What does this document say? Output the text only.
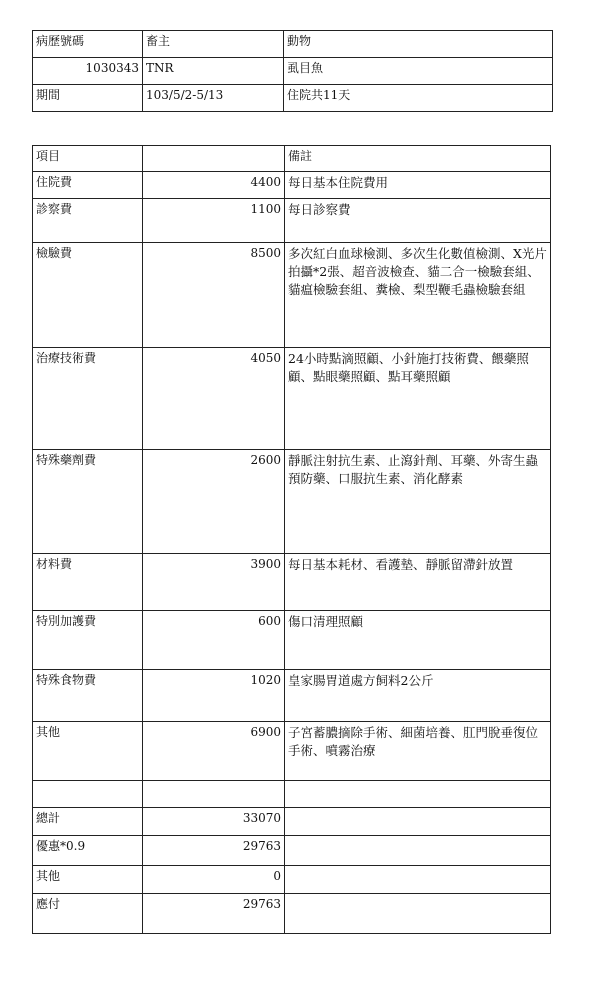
病歷號碼	畜主	動物
1030343	TNR	虱目魚
期間	103/5/2-5/13	住院共11天
項目		備註
住院費	4400	每日基本住院費用
診察費	1100	每日診察費
檢驗費	8500	多次紅白血球檢測、多次生化數值檢測、X光片拍攝*2張、超音波檢查、貓二合一檢驗套組、貓瘟檢驗套組、糞檢、梨型鞭毛蟲檢驗套組
治療技術費	4050	24小時點滴照顧、小針施打技術費、餵藥照顧、點眼藥照顧、點耳藥照顧
特殊藥劑費	2600	靜脈注射抗生素、止瀉針劑、耳藥、外寄生蟲預防藥、口服抗生素、消化酵素
材料費	3900	每日基本耗材、看護墊、靜脈留滯針放置
特別加護費	600	傷口清理照顧
特殊食物費	1020	皇家腸胃道處方飼料2公斤
其他	6900	子宮蓄膿摘除手術、細菌培養、肛門脫垂復位手術、噴霧治療

總計	33070	
優惠*0.9	29763	
其他	0	
應付	29763	
